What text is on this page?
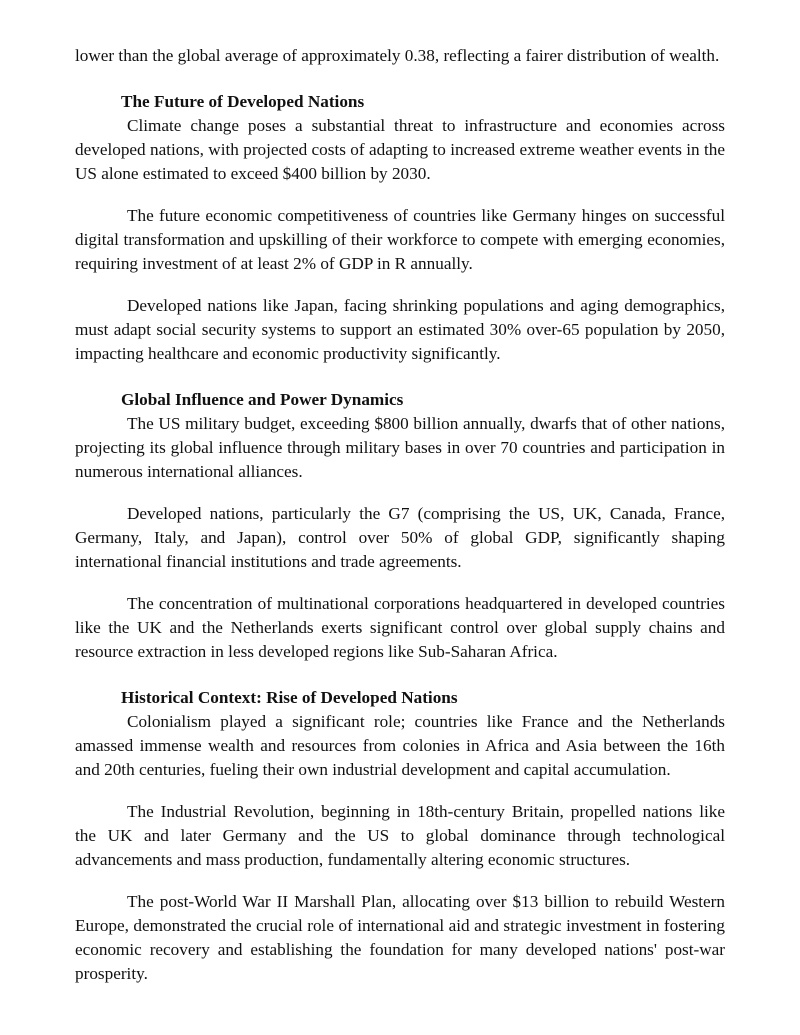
lower than the global average of approximately 0.38, reflecting a fairer distribution of wealth.

The Future of Developed Nations

Climate change poses a substantial threat to infrastructure and economies across developed nations, with projected costs of adapting to increased extreme weather events in the US alone estimated to exceed $400 billion by 2030.

The future economic competitiveness of countries like Germany hinges on successful digital transformation and upskilling of their workforce to compete with emerging economies, requiring investment of at least 2% of GDP in R annually.

Developed nations like Japan, facing shrinking populations and aging demographics, must adapt social security systems to support an estimated 30% over-65 population by 2050, impacting healthcare and economic productivity significantly.

Global Influence and Power Dynamics

The US military budget, exceeding $800 billion annually, dwarfs that of other nations, projecting its global influence through military bases in over 70 countries and participation in numerous international alliances.

Developed nations, particularly the G7 (comprising the US, UK, Canada, France, Germany, Italy, and Japan), control over 50% of global GDP, significantly shaping international financial institutions and trade agreements.

The concentration of multinational corporations headquartered in developed countries like the UK and the Netherlands exerts significant control over global supply chains and resource extraction in less developed regions like Sub-Saharan Africa.

Historical Context: Rise of Developed Nations

Colonialism played a significant role; countries like France and the Netherlands amassed immense wealth and resources from colonies in Africa and Asia between the 16th and 20th centuries, fueling their own industrial development and capital accumulation.

The Industrial Revolution, beginning in 18th-century Britain, propelled nations like the UK and later Germany and the US to global dominance through technological advancements and mass production, fundamentally altering economic structures.

The post-World War II Marshall Plan, allocating over $13 billion to rebuild Western Europe, demonstrated the crucial role of international aid and strategic investment in fostering economic recovery and establishing the foundation for many developed nations' post-war prosperity.
